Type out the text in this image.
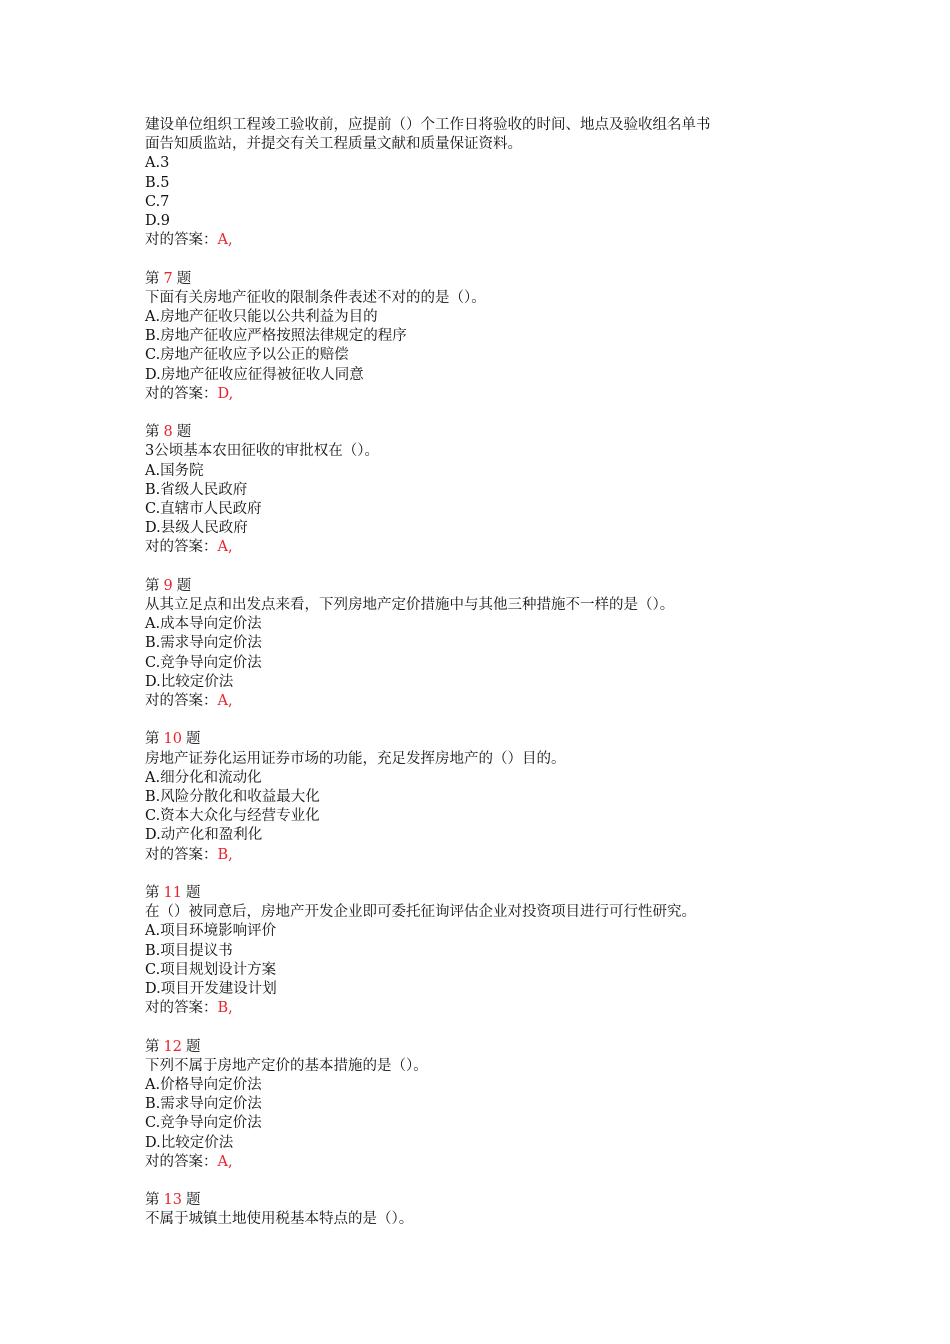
建设单位组织工程竣工验收前，应提前（）个工作日将验收的时间、地点及验收组名单书
面告知质监站，并提交有关工程质量文献和质量保证资料。
A.3
B.5
C.7
D.9
对的答案：A,
第 7 题
下面有关房地产征收的限制条件表述不对的的是（）。
A.房地产征收只能以公共利益为目的
B.房地产征收应严格按照法律规定的程序
C.房地产征收应予以公正的赔偿
D.房地产征收应征得被征收人同意
对的答案：D,
第 8 题
3公顷基本农田征收的审批权在（）。
A.国务院
B.省级人民政府
C.直辖市人民政府
D.县级人民政府
对的答案：A,
第 9 题
从其立足点和出发点来看，下列房地产定价措施中与其他三种措施不一样的是（）。
A.成本导向定价法
B.需求导向定价法
C.竞争导向定价法
D.比较定价法
对的答案：A,
第 10 题
房地产证券化运用证券市场的功能，充足发挥房地产的（）目的。
A.细分化和流动化
B.风险分散化和收益最大化
C.资本大众化与经营专业化
D.动产化和盈利化
对的答案：B,
第 11 题
在（）被同意后，房地产开发企业即可委托征询评估企业对投资项目进行可行性研究。
A.项目环境影响评价
B.项目提议书
C.项目规划设计方案
D.项目开发建设计划
对的答案：B,
第 12 题
下列不属于房地产定价的基本措施的是（）。
A.价格导向定价法
B.需求导向定价法
C.竞争导向定价法
D.比较定价法
对的答案：A,
第 13 题
不属于城镇土地使用税基本特点的是（）。
